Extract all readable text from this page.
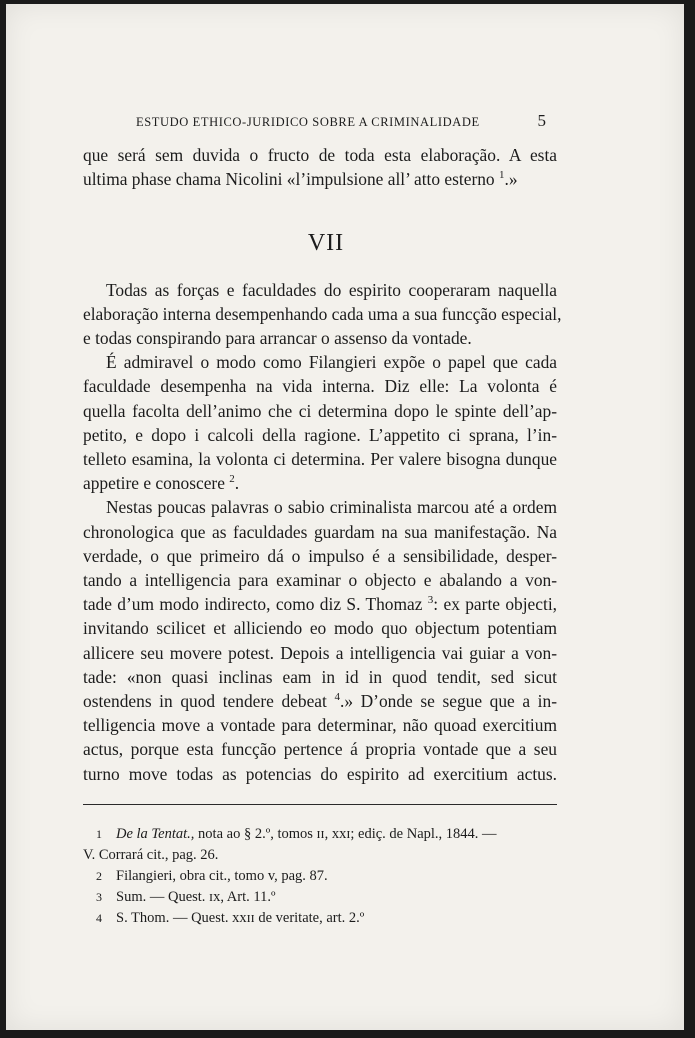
ESTUDO ETHICO-JURIDICO SOBRE A CRIMINALIDADE	5
que será sem duvida o fructo de toda esta elaboração. A esta
ultima phase chama Nicolini «l’impulsione all’ atto esterno $^1$.»
VII
Todas as forças e faculdades do espirito cooperaram naquella
elaboração interna desempenhando cada uma a sua funcção especial,
e todas conspirando para arrancar o assenso da vontade.
É admiravel o modo como Filangieri expõe o papel que cada
faculdade desempenha na vida interna. Diz elle: La volonta é
quella facolta dell’animo che ci determina dopo le spinte dell’ap-
petito, e dopo i calcoli della ragione. L’appetito ci sprana, l’in-
telleto esamina, la volonta ci determina. Per valere bisogna dunque
appetire e conoscere $^2$.
Nestas poucas palavras o sabio criminalista marcou até a ordem
chronologica que as faculdades guardam na sua manifestação. Na
verdade, o que primeiro dá o impulso é a sensibilidade, desper-
tando a intelligencia para examinar o objecto e abalando a von-
tade d’um modo indirecto, como diz S. Thomaz $^3$: ex parte objecti,
invitando scilicet et alliciendo eo modo quo objectum potentiam
allicere seu movere potest. Depois a intelligencia vai guiar a von-
tade: «non quasi inclinas eam in id in quod tendit, sed sicut
ostendens in quod tendere debeat $^4$.» D’onde se segue que a in-
telligencia move a vontade para determinar, não quoad exercitium
actus, porque esta funcção pertence á propria vontade que a seu
turno move todas as potencias do espirito ad exercitium actus.
1 De la Tentat., nota ao § 2.º, tomos ɪɪ, xxɪ; ediç. de Napl., 1844. —
V. Corrará cit., pag. 26.
2 Filangieri, obra cit., tomo v, pag. 87.
3 Sum. — Quest. ɪx, Art. 11.º
4 S. Thom. — Quest. xxɪɪ de veritate, art. 2.º
